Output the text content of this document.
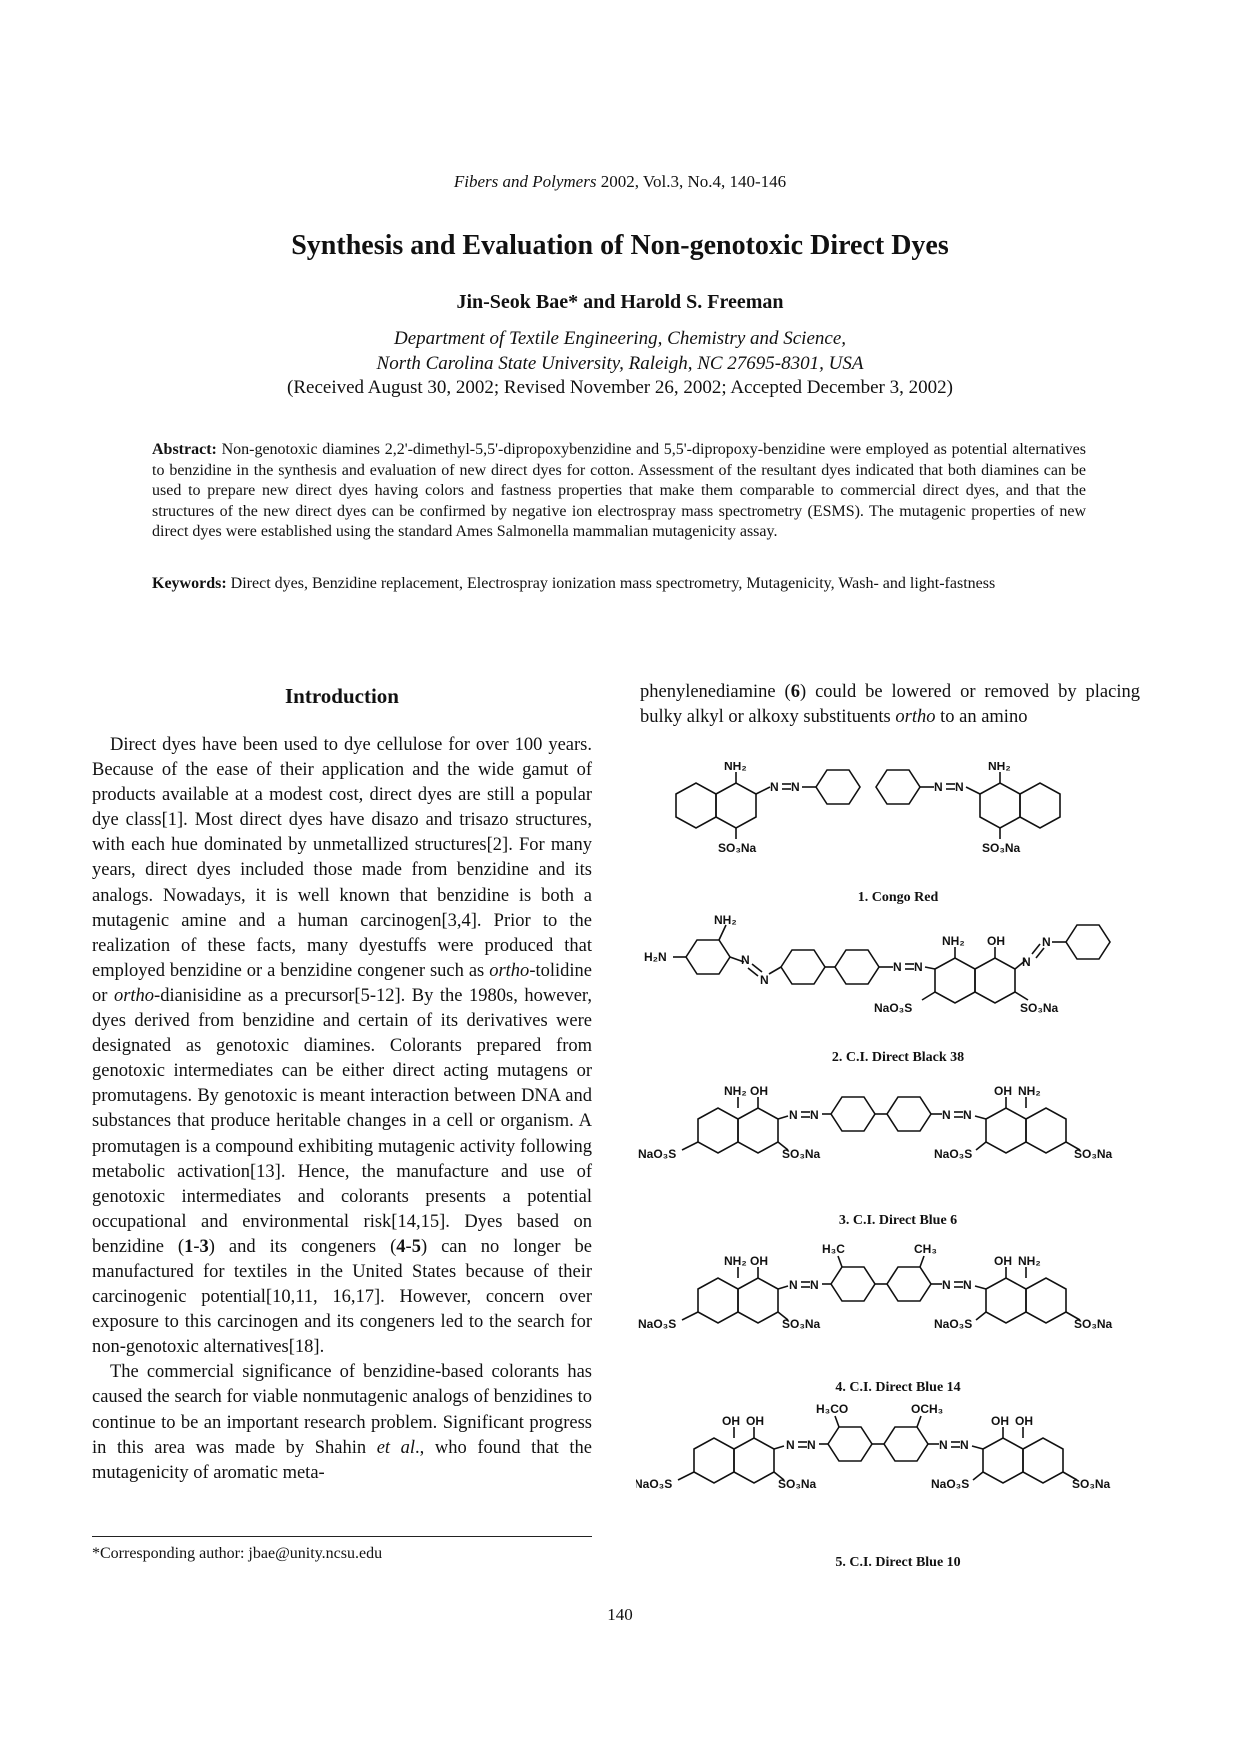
Fibers and Polymers 2002, Vol.3, No.4, 140-146
Synthesis and Evaluation of Non-genotoxic Direct Dyes
Jin-Seok Bae* and Harold S. Freeman
Department of Textile Engineering, Chemistry and Science,
North Carolina State University, Raleigh, NC 27695-8301, USA
(Received August 30, 2002; Revised November 26, 2002; Accepted December 3, 2002)
Abstract: Non-genotoxic diamines 2,2'-dimethyl-5,5'-dipropoxybenzidine and 5,5'-dipropoxy-benzidine were employed as potential alternatives to benzidine in the synthesis and evaluation of new direct dyes for cotton. Assessment of the resultant dyes indicated that both diamines can be used to prepare new direct dyes having colors and fastness properties that make them comparable to commercial direct dyes, and that the structures of the new direct dyes can be confirmed by negative ion electrospray mass spectrometry (ESMS). The mutagenic properties of new direct dyes were established using the standard Ames Salmonella mammalian mutagenicity assay.
Keywords: Direct dyes, Benzidine replacement, Electrospray ionization mass spectrometry, Mutagenicity, Wash- and light-fastness
Introduction

Direct dyes have been used to dye cellulose for over 100 years. Because of the ease of their application and the wide gamut of products available at a modest cost, direct dyes are still a popular dye class[1]. Most direct dyes have disazo and trisazo structures, with each hue dominated by unmetallized structures[2]. For many years, direct dyes included those made from benzidine and its analogs. Nowadays, it is well known that benzidine is both a mutagenic amine and a human carcinogen[3,4]. Prior to the realization of these facts, many dyestuffs were produced that employed benzidine or a benzidine congener such as ortho-tolidine or ortho-dianisidine as a precursor[5-12]. By the 1980s, however, dyes derived from benzidine and certain of its derivatives were designated as genotoxic diamines. Colorants prepared from genotoxic intermediates can be either direct acting mutagens or promutagens. By genotoxic is meant interaction between DNA and substances that produce heritable changes in a cell or organism. A promutagen is a compound exhibiting mutagenic activity following metabolic activation[13]. Hence, the manufacture and use of genotoxic intermediates and colorants presents a potential occupational and environmental risk[14,15]. Dyes based on benzidine (1-3) and its congeners (4-5) can no longer be manufactured for textiles in the United States because of their carcinogenic potential[10,11, 16,17]. However, concern over exposure to this carcinogen and its congeners led to the search for non-genotoxic alternatives[18].

The commercial significance of benzidine-based colorants has caused the search for viable nonmutagenic analogs of benzidines to continue to be an important research problem. Significant progress in this area was made by Shahin et al., who found that the mutagenicity of aromatic meta-

phenylenediamine (6) could be lowered or removed by placing bulky alkyl or alkoxy substituents ortho to an amino
*Corresponding author: jbae@unity.ncsu.edu
140
NH₂
SO₃Na
N N	N N
NH₂
SO₃Na
NH₂
H₂N	N
N
N N
NH₂ OH
NaO₃S	SO₃Na
N
N
NH₂ OH
NaO₃S	SO₃Na
N N	N N
OH NH₂
NaO₃S	SO₃Na
NH₂ OH
NaO₃S	SO₃Na
N N
H₃C	CH₃
N N
OH NH₂
NaO₃S	SO₃Na
OH OH
NaO₃S	SO₃Na
N N
H₃CO	OCH₃
N N
OH OH
NaO₃S	SO₃Na
1. Congo Red
2. C.I. Direct Black 38
3. C.I. Direct Blue 6
4. C.I. Direct Blue 14
5. C.I. Direct Blue 10
